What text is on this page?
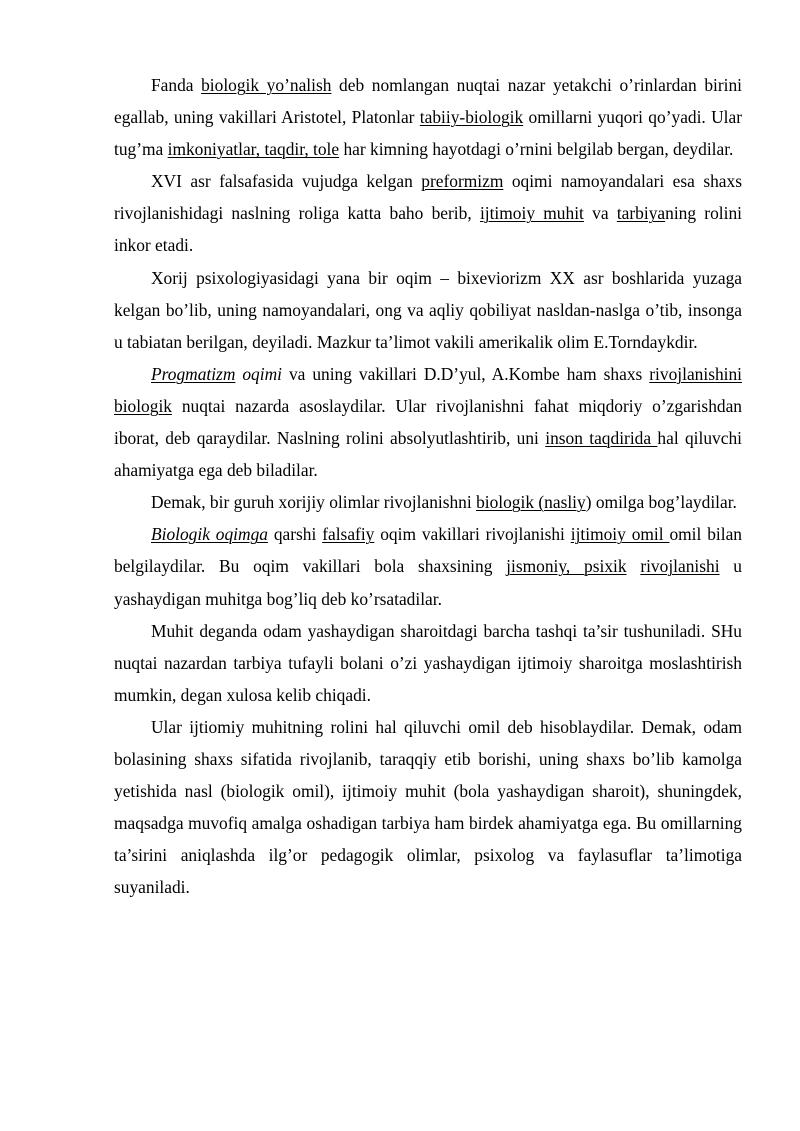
Fanda biologik yo’nalish deb nomlangan nuqtai nazar yetakchi o’rinlardan birini egallab, uning vakillari Aristotel, Platonlar tabiiy-biologik omillarni yuqori qo’yadi. Ular tug’ma imkoniyatlar, taqdir, tole har kimning hayotdagi o’rnini belgilab bergan, deydilar.

XVI asr falsafasida vujudga kelgan preformizm oqimi namoyandalari esa shaxs rivojlanishidagi naslning roliga katta baho berib, ijtimoiy muhit va tarbiyaning rolini inkor etadi.

Xorij psixologiyasidagi yana bir oqim – bixeviorizm XX asr boshlarida yuzaga kelgan bo’lib, uning namoyandalari, ong va aqliy qobiliyat nasldan-naslga o’tib, insonga u tabiatan berilgan, deyiladi. Mazkur ta’limot vakili amerikalik olim E.Torndaykdir.

Progmatizm oqimi va uning vakillari D.D’yul, A.Kombe ham shaxs rivojlanishini biologik nuqtai nazarda asoslaydilar. Ular rivojlanishni fahat miqdoriy o’zgarishdan iborat, deb qaraydilar. Naslning rolini absolyutlashtirib, uni inson taqdirida hal qiluvchi ahamiyatga ega deb biladilar.

Demak, bir guruh xorijiy olimlar rivojlanishni biologik (nasliy) omilga bog’laydilar.

Biologik oqimga qarshi falsafiy oqim vakillari rivojlanishi ijtimoiy omil omil bilan belgilaydilar. Bu oqim vakillari bola shaxsining jismoniy, psixik rivojlanishi u yashaydigan muhitga bog’liq deb ko’rsatadilar.

Muhit deganda odam yashaydigan sharoitdagi barcha tashqi ta’sir tushuniladi. SHu nuqtai nazardan tarbiya tufayli bolani o’zi yashaydigan ijtimoiy sharoitga moslashtirish mumkin, degan xulosa kelib chiqadi.

Ular ijtiomiy muhitning rolini hal qiluvchi omil deb hisoblaydilar. Demak, odam bolasining shaxs sifatida rivojlanib, taraqqiy etib borishi, uning shaxs bo’lib kamolga yetishida nasl (biologik omil), ijtimoiy muhit (bola yashaydigan sharoit), shuningdek, maqsadga muvofiq amalga oshadigan tarbiya ham birdek ahamiyatga ega. Bu omillarning ta’sirini aniqlashda ilg’or pedagogik olimlar, psixolog va faylasuflar ta’limotiga suyaniladi.
